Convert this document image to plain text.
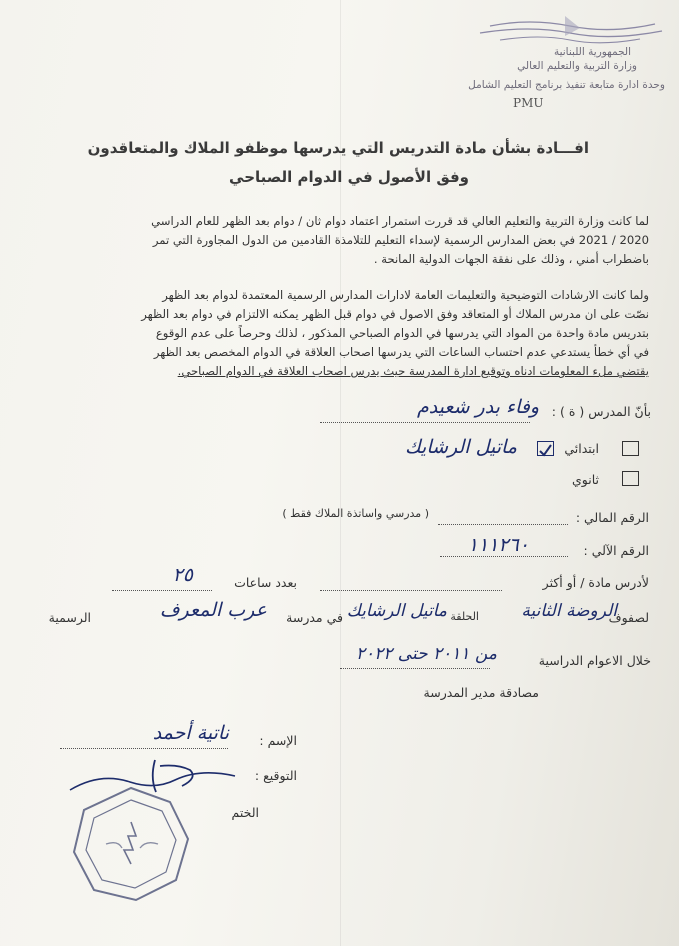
الجمهورية اللبنانية
وزارة التربية والتعليم العالي
وحدة ادارة متابعة تنفيذ برنامج التعليم الشامل
PMU
افـــادة بشأن مادة التدريس التي يدرسها موظفو الملاك والمتعاقدون
وفق الأصول في الدوام الصباحي
لما كانت وزارة التربية والتعليم العالي قد قررت استمرار اعتماد دوام ثان / دوام بعد الظهر للعام الدراسي
2020 / 2021 في بعض المدارس الرسمية لإسداء التعليم للتلامذة القادمين من الدول المجاورة التي تمر
باضطراب أمني ، وذلك على نفقة الجهات الدولية المانحة .
ولما كانت الارشادات التوضيحية والتعليمات العامة لادارات المدارس الرسمية المعتمدة لدوام بعد الظهر
نصّت على ان مدرس الملاك أو المتعاقد وفق الاصول في دوام قبل الظهر يمكنه الالتزام في دوام بعد الظهر
بتدريس مادة واحدة من المواد التي يدرسها في الدوام الصباحي المذكور ، لذلك وحرصاً على عدم الوقوع
في أي خطأ يستدعي عدم احتساب الساعات التي يدرسها اصحاب العلاقة في الدوام المخصص بعد الظهر
يقتضي ملء المعلومات ادناه وتوقيع ادارة المدرسة حيث يدرس اصحاب العلاقة في الدوام الصباحي.
بأنّ المدرس ( ة ) :
وفاء بدر شعيدم
ابتدائي
ماتيل الرشايك
ثانوي
الرقم المالي :
( مدرسي واساتذة الملاك فقط )
الرقم الآلي :
١١١٢٦٠
لأدرس مادة / أو أكثر
بعدد ساعات
٢٥
لصفوف
الروضة الثانية
الحلقة
ماتيل الرشايك
في مدرسة
عرب المعرف
الرسمية
خلال الاعوام الدراسية
من ٢٠١١ حتى ٢٠٢٢
مصادقة مدير المدرسة
الإسم :
ناتية أحمد
التوقيع :
الختم
